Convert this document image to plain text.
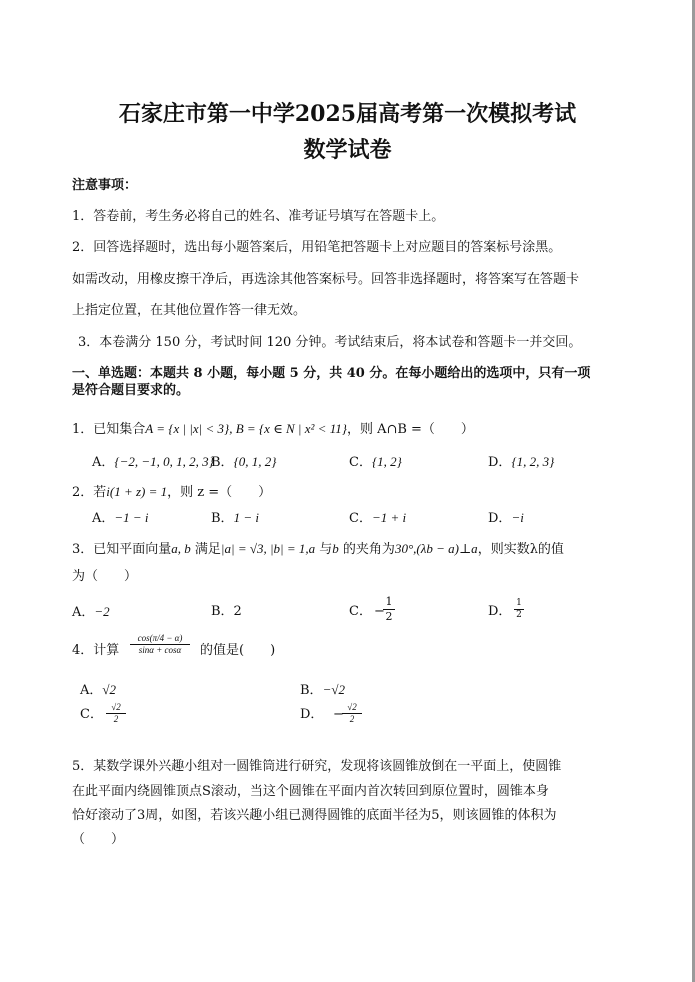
石家庄市第一中学2025届高考第一次模拟考试
数学试卷
注意事项：
1．答卷前，考生务必将自己的姓名、准考证号填写在答题卡上。
2．回答选择题时，选出每小题答案后，用铅笔把答题卡上对应题目的答案标号涂黑。
如需改动，用橡皮擦干净后，再选涂其他答案标号。回答非选择题时，将答案写在答题卡
上指定位置，在其他位置作答一律无效。
3．本卷满分 150 分，考试时间 120 分钟。考试结束后，将本试卷和答题卡一并交回。
一、单选题：本题共 8 小题，每小题 5 分，共 40 分。在每小题给出的选项中，只有一项
是符合题目要求的。
1．已知集合A = {x | |x| < 3}, B = {x ∈ N | x² < 11}，则 A∩B =（　　）
A．{−2, −1, 0, 1, 2, 3}
B．{0, 1, 2}	C．{1, 2}	D．{1, 2, 3}
2．若i(1 + z) = 1，则 z =（　　）
A．−1 − i	B．1 − i	C．−1 + i	D．−i
3．已知平面向量a, b 满足|a| = √3, |b| = 1,a 与b 的夹角为30°,(λb − a)⊥a，则实数λ的值
为（　　）
A．−2	B．2	C． −
1
2	D．
1
2
4．计算
cos(π/4 − α)
sinα + cosα	的值是(　　)
A．√2	B．−√2
C． √2
2	D． − √2
2
5．某数学课外兴趣小组对一圆锥筒进行研究，发现将该圆锥放倒在一平面上，使圆锥
在此平面内绕圆锥顶点S滚动，当这个圆锥在平面内首次转回到原位置时，圆锥本身
恰好滚动了3周，如图，若该兴趣小组已测得圆锥的底面半径为5，则该圆锥的体积为
（　　）
